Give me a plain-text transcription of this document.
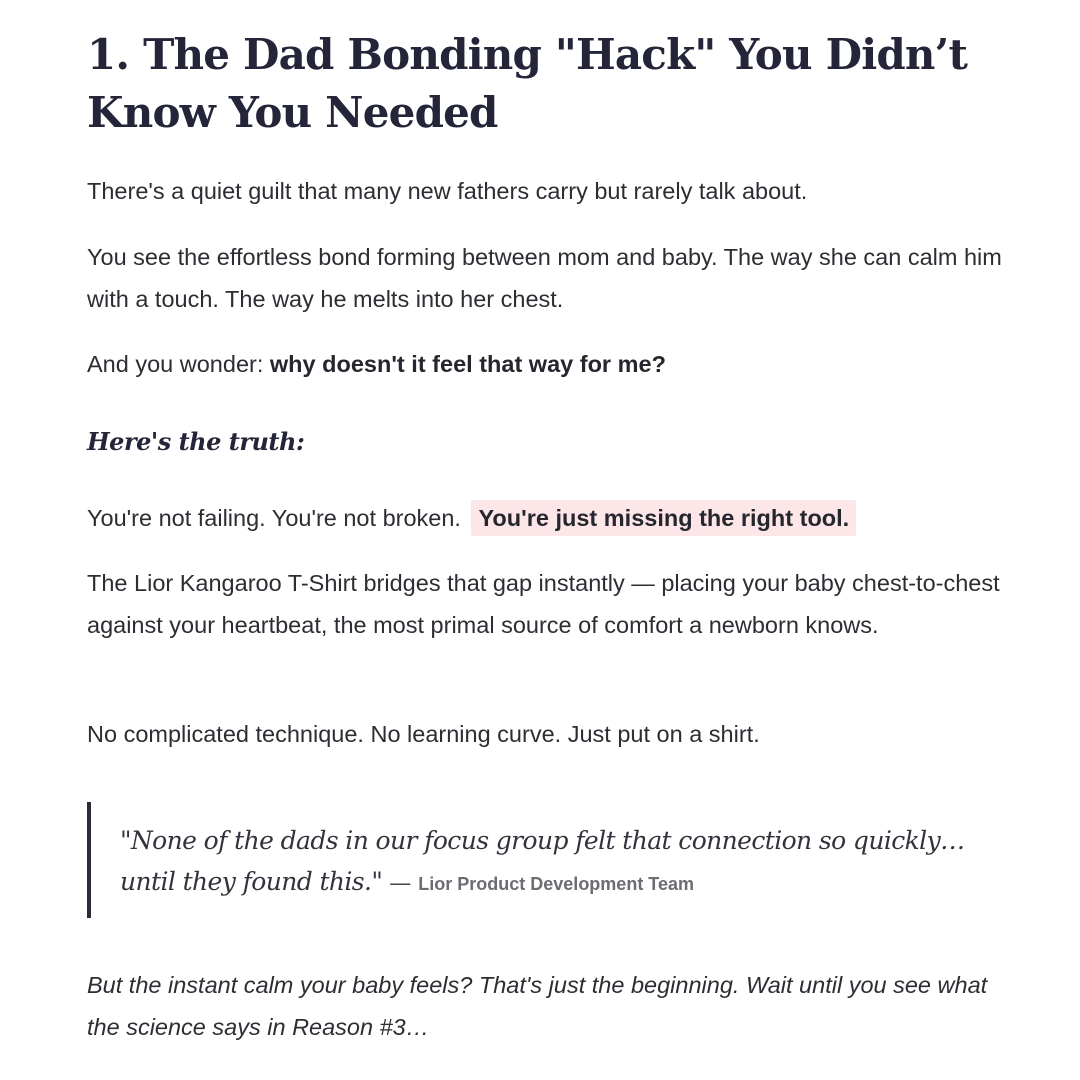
1. The Dad Bonding "Hack" You Didn’t Know You Needed

There's a quiet guilt that many new fathers carry but rarely talk about.

You see the effortless bond forming between mom and baby. The way she can calm him with a touch. The way he melts into her chest.

And you wonder: why doesn't it feel that way for me?

Here's the truth:

You're not failing. You're not broken. You're just missing the right tool.

The Lior Kangaroo T-Shirt bridges that gap instantly — placing your baby chest-to-chest against your heartbeat, the most primal source of comfort a newborn knows.

No complicated technique. No learning curve. Just put on a shirt.

"None of the dads in our focus group felt that connection so quickly… until they found this." — Lior Product Development Team

But the instant calm your baby feels? That's just the beginning. Wait until you see what the science says in Reason #3…
